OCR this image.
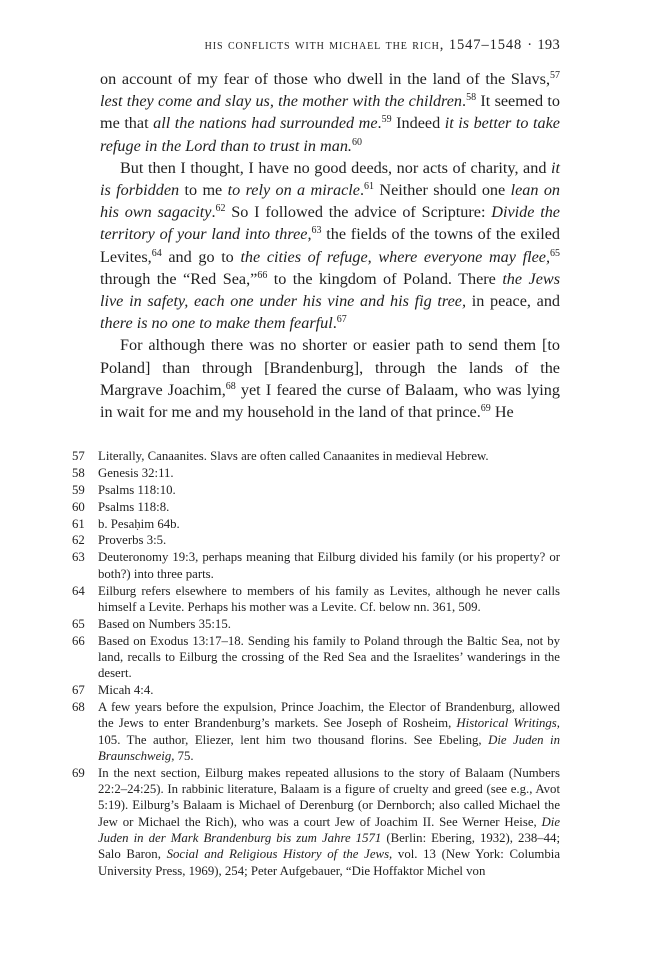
his conflicts with michael the rich, 1547–1548 · 193

on account of my fear of those who dwell in the land of the Slavs,$^{57}$ lest they come and slay us, the mother with the children.$^{58}$ It seemed to me that all the nations had surrounded me.$^{59}$ Indeed it is better to take refuge in the Lord than to trust in man.$^{60}$

But then I thought, I have no good deeds, nor acts of charity, and it is forbidden to me to rely on a miracle.$^{61}$ Neither should one lean on his own sagacity.$^{62}$ So I followed the advice of Scripture: Divide the territory of your land into three,$^{63}$ the fields of the towns of the exiled Levites,$^{64}$ and go to the cities of refuge, where everyone may flee,$^{65}$ through the “Red Sea,”$^{66}$ to the kingdom of Poland. There the Jews live in safety, each one under his vine and his fig tree, in peace, and there is no one to make them fearful.$^{67}$

For although there was no shorter or easier path to send them [to Poland] than through [Brandenburg], through the lands of the Margrave Joachim,$^{68}$ yet I feared the curse of Balaam, who was lying in wait for me and my household in the land of that prince.$^{69}$ He

57	Literally, Canaanites. Slavs are often called Canaanites in medieval Hebrew.
58	Genesis 32:11.
59	Psalms 118:10.
60	Psalms 118:8.
61	b. Pesaḥim 64b.
62	Proverbs 3:5.
63	Deuteronomy 19:3, perhaps meaning that Eilburg divided his family (or his property? or both?) into three parts.
64	Eilburg refers elsewhere to members of his family as Levites, although he never calls himself a Levite. Perhaps his mother was a Levite. Cf. below nn. 361, 509.
65	Based on Numbers 35:15.
66	Based on Exodus 13:17–18. Sending his family to Poland through the Baltic Sea, not by land, recalls to Eilburg the crossing of the Red Sea and the Israelites’ wanderings in the desert.
67	Micah 4:4.
68	A few years before the expulsion, Prince Joachim, the Elector of Brandenburg, allowed the Jews to enter Brandenburg’s markets. See Joseph of Rosheim, Historical Writings, 105. The author, Eliezer, lent him two thousand florins. See Ebeling, Die Juden in Braunschweig, 75.
69	In the next section, Eilburg makes repeated allusions to the story of Balaam (Numbers 22:2–24:25). In rabbinic literature, Balaam is a figure of cruelty and greed (see e.g., Avot 5:19). Eilburg’s Balaam is Michael of Derenburg (or Dernborch; also called Michael the Jew or Michael the Rich), who was a court Jew of Joachim II. See Werner Heise, Die Juden in der Mark Brandenburg bis zum Jahre 1571 (Berlin: Ebering, 1932), 238–44; Salo Baron, Social and Religious History of the Jews, vol. 13 (New York: Columbia University Press, 1969), 254; Peter Aufgebauer, “Die Hoffaktor Michel von
